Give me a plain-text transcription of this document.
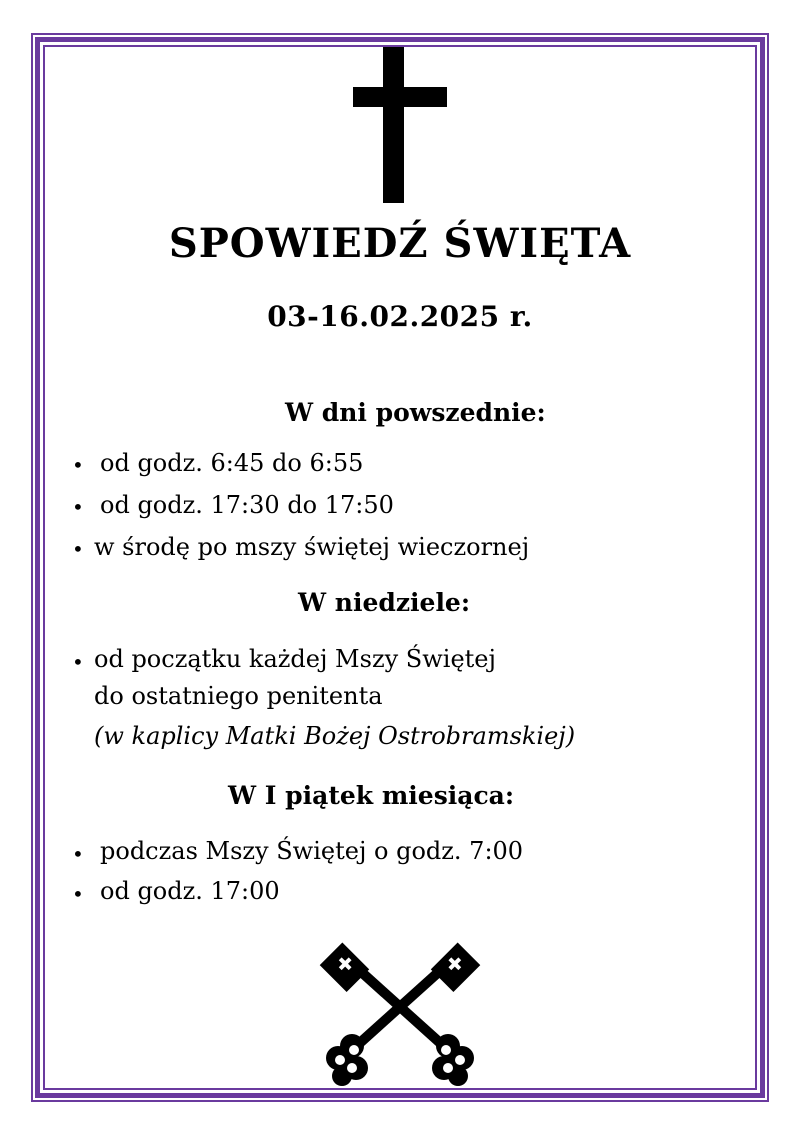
SPOWIEDŹ ŚWIĘTA
03-16.02.2025 r.
W dni powszednie:
• od godz. 6:45 do 6:55
• od godz. 17:30 do 17:50
• w środę po mszy świętej wieczornej
W niedziele:
• od początku każdej Mszy Świętej
do ostatniego penitenta
(w kaplicy Matki Bożej Ostrobramskiej)
W I piątek miesiąca:
• podczas Mszy Świętej o godz. 7:00
• od godz. 17:00
